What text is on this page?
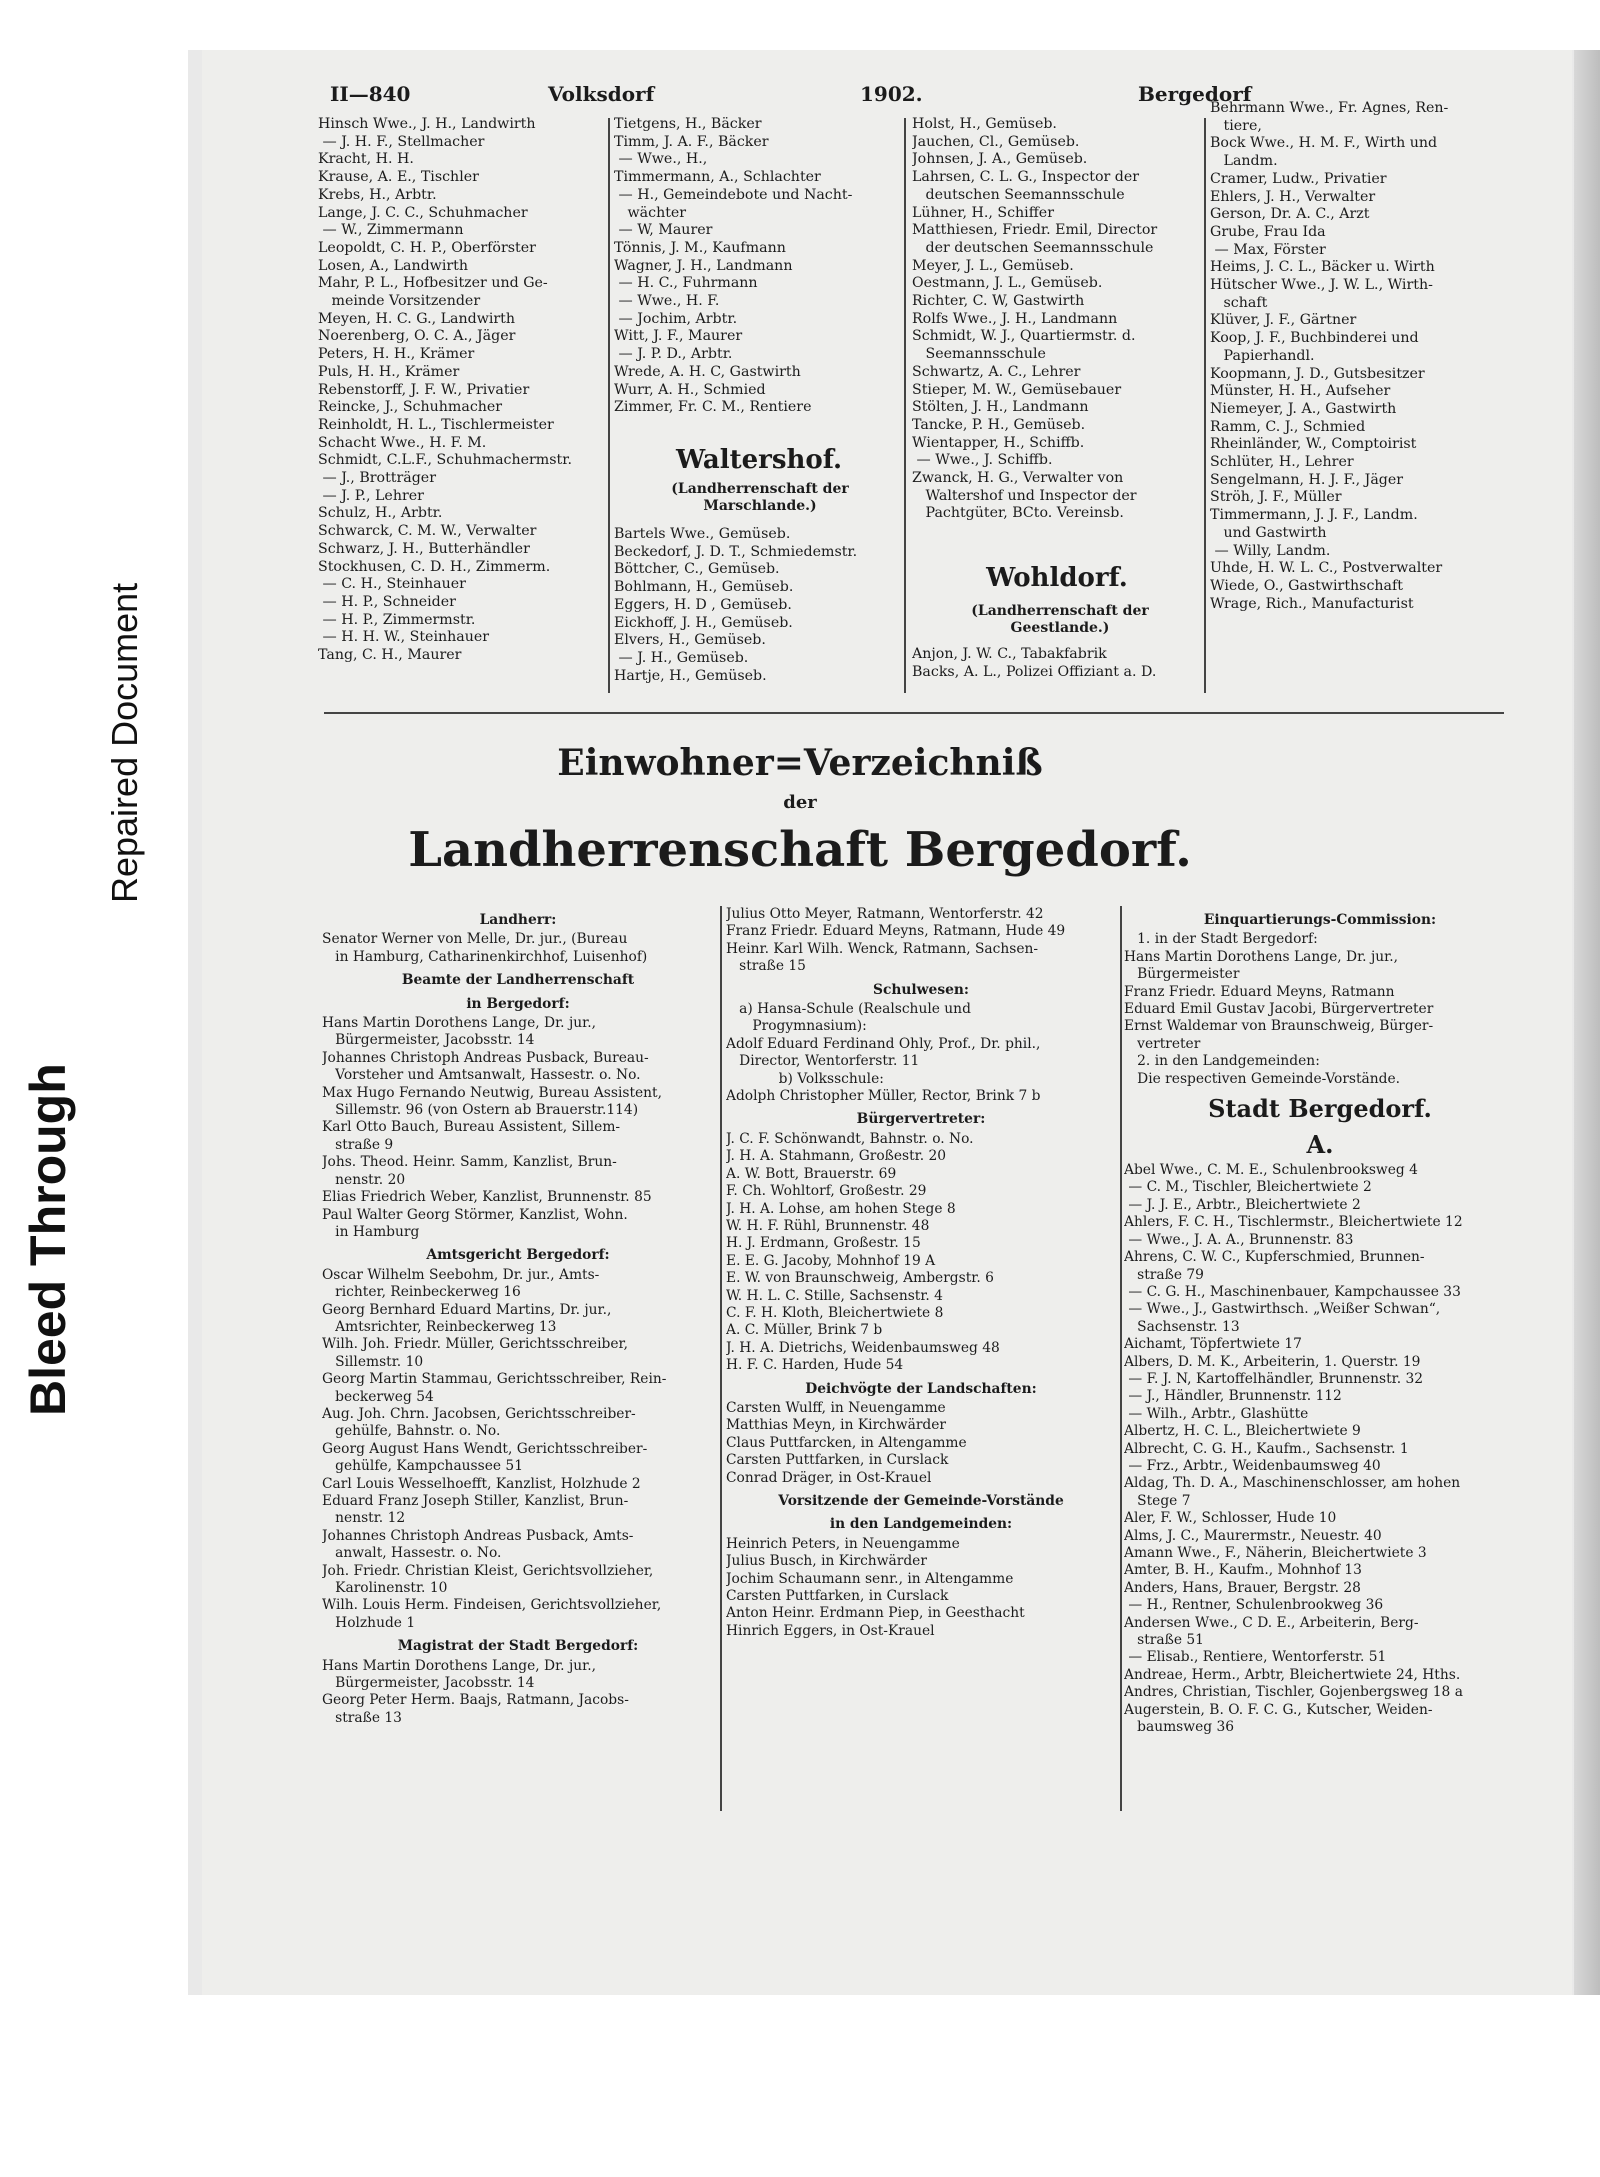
Bleed Through
Repaired Document
II—840	Volksdorf	1902.	Bergedorf
Hinsch Wwe., J. H., Landwirth
— J. H. F., Stellmacher
Kracht, H. H.
Krause, A. E., Tischler
Krebs, H., Arbtr.
Lange, J. C. C., Schuhmacher
— W., Zimmermann
Leopoldt, C. H. P., Oberförster
Losen, A., Landwirth
Mahr, P. L., Hofbesitzer und Ge-
meinde Vorsitzender
Meyen, H. C. G., Landwirth
Noerenberg, O. C. A., Jäger
Peters, H. H., Krämer
Puls, H. H., Krämer
Rebenstorff, J. F. W., Privatier
Reincke, J., Schuhmacher
Reinholdt, H. L., Tischlermeister
Schacht Wwe., H. F. M.
Schmidt, C.L.F., Schuhmachermstr.
— J., Brotträger
— J. P., Lehrer
Schulz, H., Arbtr.
Schwarck, C. M. W., Verwalter
Schwarz, J. H., Butterhändler
Stockhusen, C. D. H., Zimmerm.
— C. H., Steinhauer
— H. P., Schneider
— H. P., Zimmermstr.
— H. H. W., Steinhauer
Tang, C. H., Maurer
Tietgens, H., Bäcker
Timm, J. A. F., Bäcker
— Wwe., H.,
Timmermann, A., Schlachter
— H., Gemeindebote und Nacht-
wächter
— W, Maurer
Tönnis, J. M., Kaufmann
Wagner, J. H., Landmann
— H. C., Fuhrmann
— Wwe., H. F.
— Jochim, Arbtr.
Witt, J. F., Maurer
— J. P. D., Arbtr.
Wrede, A. H. C, Gastwirth
Wurr, A. H., Schmied
Zimmer, Fr. C. M., Rentiere
Waltershof.
(Landherrenschaft der Marschlande.)
Bartels Wwe., Gemüseb.
Beckedorf, J. D. T., Schmiedemstr.
Böttcher, C., Gemüseb.
Bohlmann, H., Gemüseb.
Eggers, H. D , Gemüseb.
Eickhoff, J. H., Gemüseb.
Elvers, H., Gemüseb.
— J. H., Gemüseb.
Hartje, H., Gemüseb.
Holst, H., Gemüseb.
Jauchen, Cl., Gemüseb.
Johnsen, J. A., Gemüseb.
Lahrsen, C. L. G., Inspector der
deutschen Seemannsschule
Lühner, H., Schiffer
Matthiesen, Friedr. Emil, Director
der deutschen Seemannsschule
Meyer, J. L., Gemüseb.
Oestmann, J. L., Gemüseb.
Richter, C. W, Gastwirth
Rolfs Wwe., J. H., Landmann
Schmidt, W. J., Quartiermstr. d.
Seemannsschule
Schwartz, A. C., Lehrer
Stieper, M. W., Gemüsebauer
Stölten, J. H., Landmann
Tancke, P. H., Gemüseb.
Wientapper, H., Schiffb.
— Wwe., J. Schiffb.
Zwanck, H. G., Verwalter von
Waltershof und Inspector der
Pachtgüter, BCto. Vereinsb.
Wohldorf.
(Landherrenschaft der Geestlande.)
Anjon, J. W. C., Tabakfabrik
Backs, A. L., Polizei Offiziant a. D.
Behrmann Wwe., Fr. Agnes, Ren-
tiere,
Bock Wwe., H. M. F., Wirth und
Landm.
Cramer, Ludw., Privatier
Ehlers, J. H., Verwalter
Gerson, Dr. A. C., Arzt
Grube, Frau Ida
— Max, Förster
Heims, J. C. L., Bäcker u. Wirth
Hütscher Wwe., J. W. L., Wirth-
schaft
Klüver, J. F., Gärtner
Koop, J. F., Buchbinderei und
Papierhandl.
Koopmann, J. D., Gutsbesitzer
Münster, H. H., Aufseher
Niemeyer, J. A., Gastwirth
Ramm, C. J., Schmied
Rheinländer, W., Comptoirist
Schlüter, H., Lehrer
Sengelmann, H. J. F., Jäger
Ströh, J. F., Müller
Timmermann, J. J. F., Landm.
und Gastwirth
— Willy, Landm.
Uhde, H. W. L. C., Postverwalter
Wiede, O., Gastwirthschaft
Wrage, Rich., Manufacturist
Einwohner=Verzeichniß
der
Landherrenschaft Bergedorf.
Landherr:
Senator Werner von Melle, Dr. jur., (Bureau
in Hamburg, Catharinenkirchhof, Luisenhof)
Beamte der Landherrenschaft
in Bergedorf:
Hans Martin Dorothens Lange, Dr. jur.,
Bürgermeister, Jacobsstr. 14
Johannes Christoph Andreas Pusback, Bureau-
Vorsteher und Amtsanwalt, Hassestr. o. No.
Max Hugo Fernando Neutwig, Bureau Assistent,
Sillemstr. 96 (von Ostern ab Brauerstr.114)
Karl Otto Bauch, Bureau Assistent, Sillem-
straße 9
Johs. Theod. Heinr. Samm, Kanzlist, Brun-
nenstr. 20
Elias Friedrich Weber, Kanzlist, Brunnenstr. 85
Paul Walter Georg Störmer, Kanzlist, Wohn.
in Hamburg
Amtsgericht Bergedorf:
Oscar Wilhelm Seebohm, Dr. jur., Amts-
richter, Reinbeckerweg 16
Georg Bernhard Eduard Martins, Dr. jur.,
Amtsrichter, Reinbeckerweg 13
Wilh. Joh. Friedr. Müller, Gerichtsschreiber,
Sillemstr. 10
Georg Martin Stammau, Gerichtsschreiber, Rein-
beckerweg 54
Aug. Joh. Chrn. Jacobsen, Gerichtsschreiber-
gehülfe, Bahnstr. o. No.
Georg August Hans Wendt, Gerichtsschreiber-
gehülfe, Kampchaussee 51
Carl Louis Wesselhoefft, Kanzlist, Holzhude 2
Eduard Franz Joseph Stiller, Kanzlist, Brun-
nenstr. 12
Johannes Christoph Andreas Pusback, Amts-
anwalt, Hassestr. o. No.
Joh. Friedr. Christian Kleist, Gerichtsvollzieher,
Karolinenstr. 10
Wilh. Louis Herm. Findeisen, Gerichtsvollzieher,
Holzhude 1
Magistrat der Stadt Bergedorf:
Hans Martin Dorothens Lange, Dr. jur.,
Bürgermeister, Jacobsstr. 14
Georg Peter Herm. Baajs, Ratmann, Jacobs-
straße 13
Julius Otto Meyer, Ratmann, Wentorferstr. 42
Franz Friedr. Eduard Meyns, Ratmann, Hude 49
Heinr. Karl Wilh. Wenck, Ratmann, Sachsen-
straße 15
Schulwesen:
a) Hansa-Schule (Realschule und
Progymnasium):
Adolf Eduard Ferdinand Ohly, Prof., Dr. phil.,
Director, Wentorferstr. 11
b) Volksschule:
Adolph Christopher Müller, Rector, Brink 7 b
Bürgervertreter:
J. C. F. Schönwandt, Bahnstr. o. No.
J. H. A. Stahmann, Großestr. 20
A. W. Bott, Brauerstr. 69
F. Ch. Wohltorf, Großestr. 29
J. H. A. Lohse, am hohen Stege 8
W. H. F. Rühl, Brunnenstr. 48
H. J. Erdmann, Großestr. 15
E. E. G. Jacoby, Mohnhof 19 A
E. W. von Braunschweig, Ambergstr. 6
W. H. L. C. Stille, Sachsenstr. 4
C. F. H. Kloth, Bleichertwiete 8
A. C. Müller, Brink 7 b
J. H. A. Dietrichs, Weidenbaumsweg 48
H. F. C. Harden, Hude 54
Deichvögte der Landschaften:
Carsten Wulff, in Neuengamme
Matthias Meyn, in Kirchwärder
Claus Puttfarcken, in Altengamme
Carsten Puttfarken, in Curslack
Conrad Dräger, in Ost-Krauel
Vorsitzende der Gemeinde-Vorstände
in den Landgemeinden:
Heinrich Peters, in Neuengamme
Julius Busch, in Kirchwärder
Jochim Schaumann senr., in Altengamme
Carsten Puttfarken, in Curslack
Anton Heinr. Erdmann Piep, in Geesthacht
Hinrich Eggers, in Ost-Krauel
Einquartierungs-Commission:
1. in der Stadt Bergedorf:
Hans Martin Dorothens Lange, Dr. jur.,
Bürgermeister
Franz Friedr. Eduard Meyns, Ratmann
Eduard Emil Gustav Jacobi, Bürgervertreter
Ernst Waldemar von Braunschweig, Bürger-
vertreter
2. in den Landgemeinden:
Die respectiven Gemeinde-Vorstände.
Stadt Bergedorf.
A.
Abel Wwe., C. M. E., Schulenbrooksweg 4
— C. M., Tischler, Bleichertwiete 2
— J. J. E., Arbtr., Bleichertwiete 2
Ahlers, F. C. H., Tischlermstr., Bleichertwiete 12
— Wwe., J. A. A., Brunnenstr. 83
Ahrens, C. W. C., Kupferschmied, Brunnen-
straße 79
— C. G. H., Maschinenbauer, Kampchaussee 33
— Wwe., J., Gastwirthsch. „Weißer Schwan“,
Sachsenstr. 13
Aichamt, Töpfertwiete 17
Albers, D. M. K., Arbeiterin, 1. Querstr. 19
— F. J. N, Kartoffelhändler, Brunnenstr. 32
— J., Händler, Brunnenstr. 112
— Wilh., Arbtr., Glashütte
Albertz, H. C. L., Bleichertwiete 9
Albrecht, C. G. H., Kaufm., Sachsenstr. 1
— Frz., Arbtr., Weidenbaumsweg 40
Aldag, Th. D. A., Maschinenschlosser, am hohen
Stege 7
Aler, F. W., Schlosser, Hude 10
Alms, J. C., Maurermstr., Neuestr. 40
Amann Wwe., F., Näherin, Bleichertwiete 3
Amter, B. H., Kaufm., Mohnhof 13
Anders, Hans, Brauer, Bergstr. 28
— H., Rentner, Schulenbrookweg 36
Andersen Wwe., C D. E., Arbeiterin, Berg-
straße 51
— Elisab., Rentiere, Wentorferstr. 51
Andreae, Herm., Arbtr, Bleichertwiete 24, Hths.
Andres, Christian, Tischler, Gojenbergsweg 18 a
Augerstein, B. O. F. C. G., Kutscher, Weiden-
baumsweg 36
